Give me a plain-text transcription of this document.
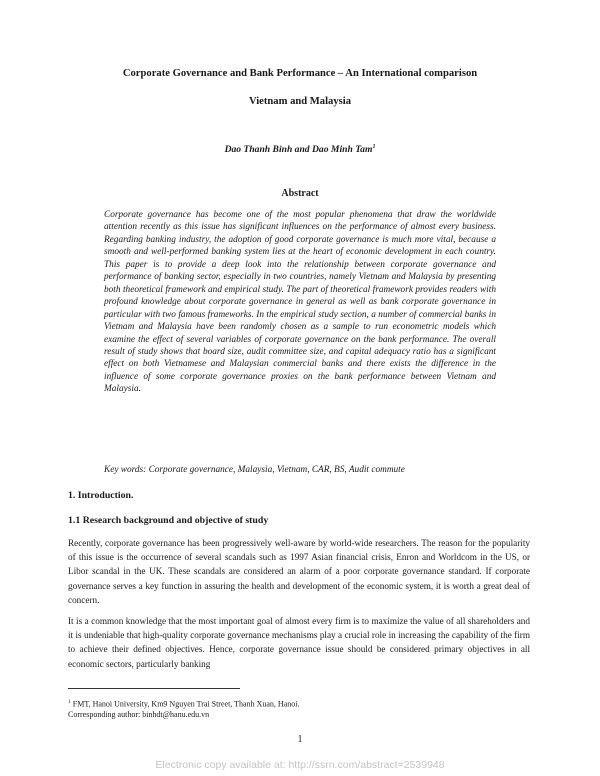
Corporate Governance and Bank Performance – An International comparison
Vietnam and Malaysia
Dao Thanh Binh and Dao Minh Tam$^1$
Abstract
Corporate governance has become one of the most popular phenomena that draw the worldwide attention recently as this issue has significant influences on the performance of almost every business. Regarding banking industry, the adoption of good corporate governance is much more vital, because a smooth and well-performed banking system lies at the heart of economic development in each country. This paper is to provide a deep look into the relationship between corporate governance and performance of banking sector, especially in two countries, namely Vietnam and Malaysia by presenting both theoretical framework and empirical study. The part of theoretical framework provides readers with profound knowledge about corporate governance in general as well as bank corporate governance in particular with two famous frameworks. In the empirical study section, a number of commercial banks in Vietnam and Malaysia have been randomly chosen as a sample to run econometric models which examine the effect of several variables of corporate governance on the bank performance. The overall result of study shows that board size, audit committee size, and capital adequacy ratio has a significant effect on both Vietnamese and Malaysian commercial banks and there exists the difference in the influence of some corporate governance proxies on the bank performance between Vietnam and Malaysia.
Key words: Corporate governance, Malaysia, Vietnam, CAR, BS, Audit commute
1. Introduction.
1.1 Research background and objective of study
Recently, corporate governance has been progressively well-aware by world-wide researchers. The reason for the popularity of this issue is the occurrence of several scandals such as 1997 Asian financial crisis, Enron and Worldcom in the US, or Libor scandal in the UK. These scandals are considered an alarm of a poor corporate governance standard. If corporate governance serves a key function in assuring the health and development of the economic system, it is worth a great deal of concern.
It is a common knowledge that the most important goal of almost every firm is to maximize the value of all shareholders and it is undeniable that high-quality corporate governance mechanisms play a crucial role in increasing the capability of the firm to achieve their defined objectives. Hence, corporate governance issue should be considered primary objectives in all economic sectors, particularly banking
$^1$ FMT, Hanoi University, Km9 Nguyen Trai Street, Thanh Xuan, Hanoi.
Corresponding author: binhdt@hanu.edu.vn
1
Electronic copy available at: http://ssrn.com/abstract=2539948
